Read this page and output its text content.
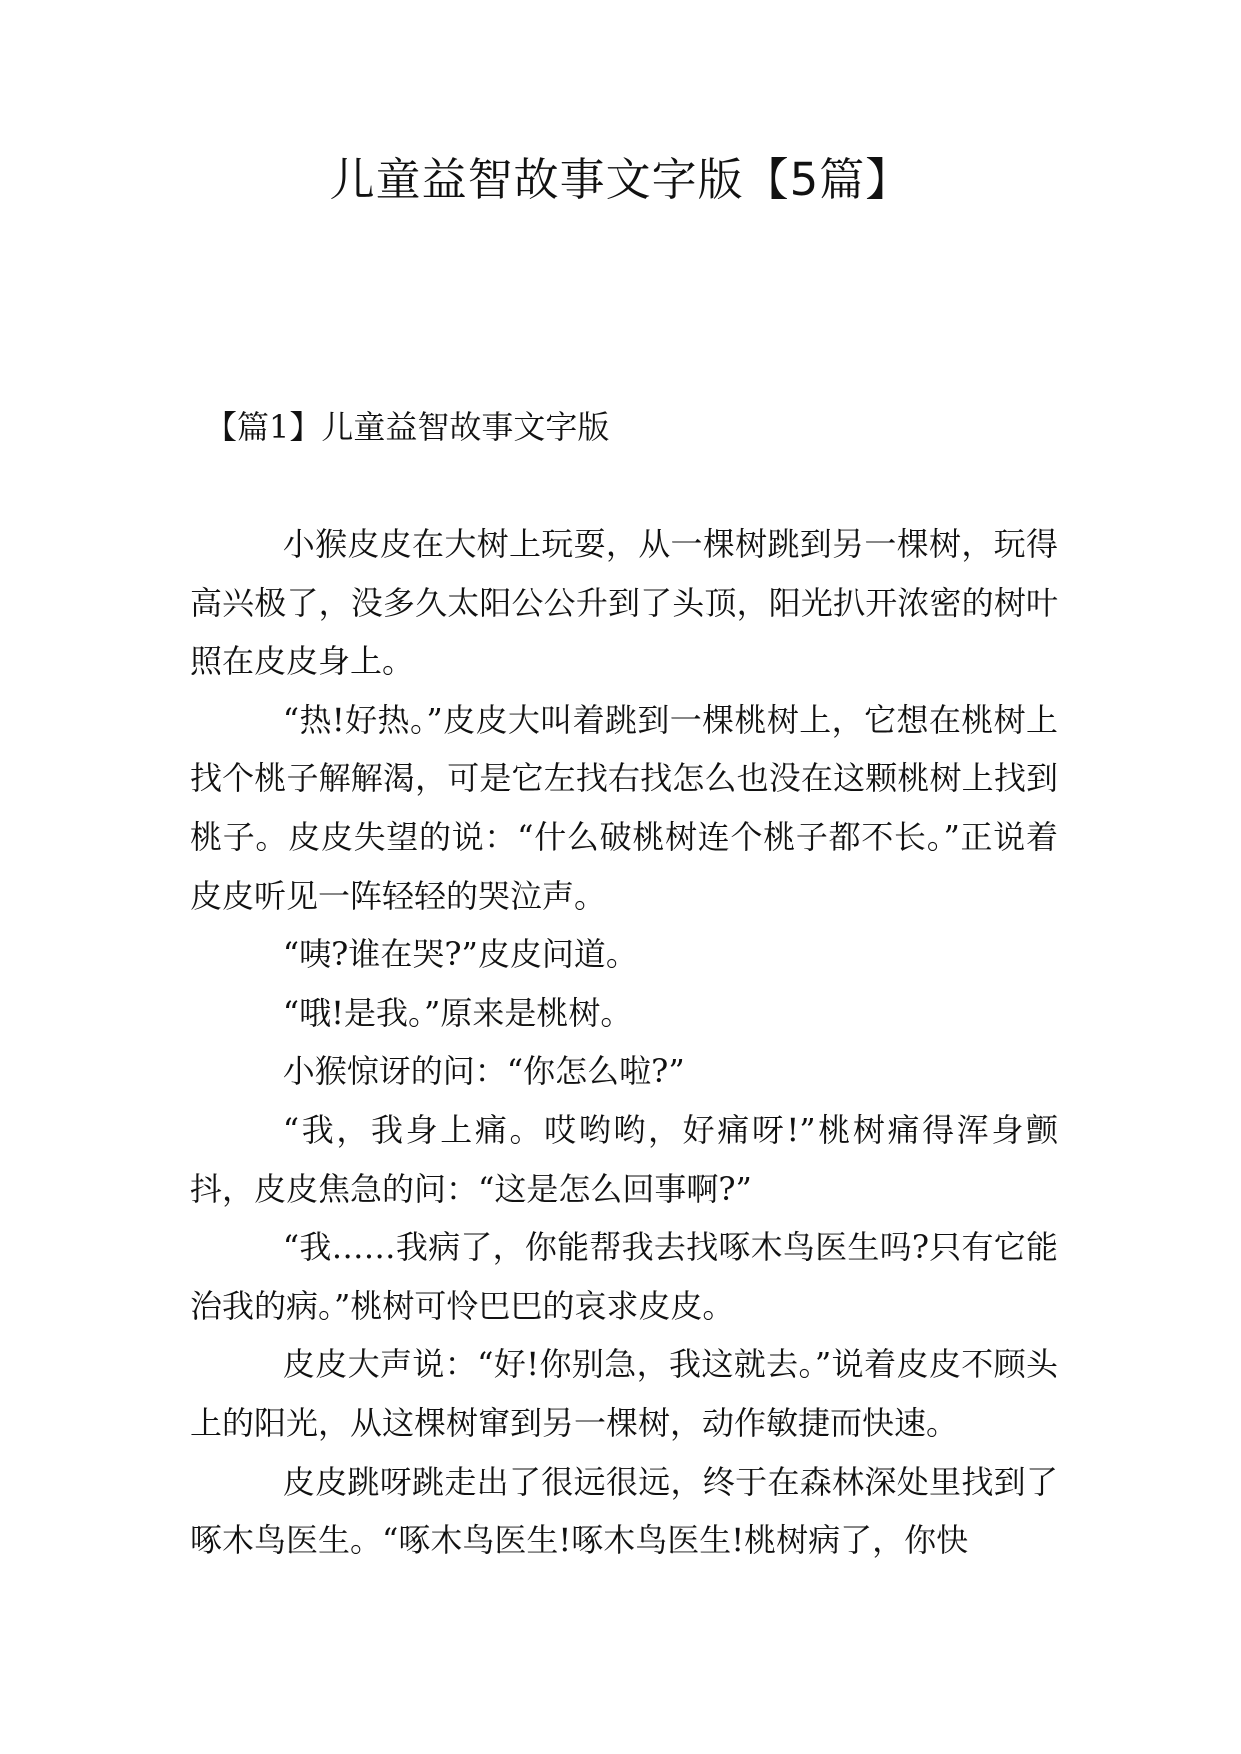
儿童益智故事文字版【5篇】
【篇1】儿童益智故事文字版

小猴皮皮在大树上玩耍，从一棵树跳到另一棵树，玩得高兴极了，没多久太阳公公升到了头顶，阳光扒开浓密的树叶照在皮皮身上。

“热!好热。”皮皮大叫着跳到一棵桃树上，它想在桃树上找个桃子解解渴，可是它左找右找怎么也没在这颗桃树上找到桃子。皮皮失望的说：“什么破桃树连个桃子都不长。”正说着皮皮听见一阵轻轻的哭泣声。

“咦?谁在哭?”皮皮问道。

“哦!是我。”原来是桃树。

小猴惊讶的问：“你怎么啦?”

“我，我身上痛。哎哟哟，好痛呀!”桃树痛得浑身颤抖，皮皮焦急的问：“这是怎么回事啊?”

“我……我病了，你能帮我去找啄木鸟医生吗?只有它能治我的病。”桃树可怜巴巴的哀求皮皮。

皮皮大声说：“好!你别急，我这就去。”说着皮皮不顾头上的阳光，从这棵树窜到另一棵树，动作敏捷而快速。

皮皮跳呀跳走出了很远很远，终于在森林深处里找到了啄木鸟医生。“啄木鸟医生!啄木鸟医生!桃树病了，你快
